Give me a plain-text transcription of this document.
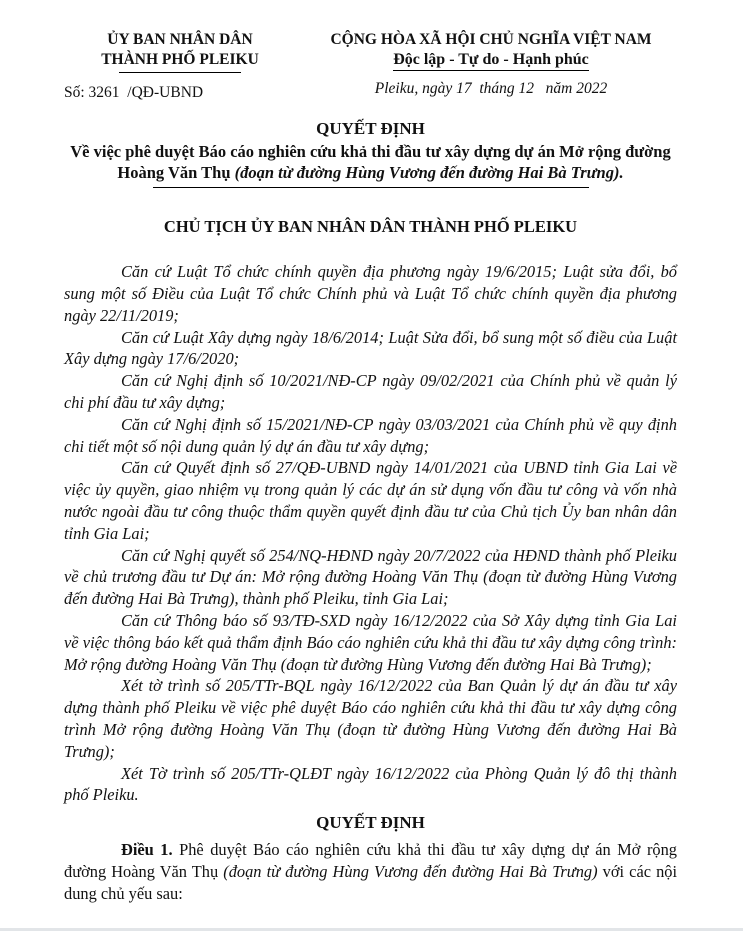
ỦY BAN NHÂN DÂN
THÀNH PHỐ PLEIKU
Số: 3261  /QĐ-UBND
CỘNG HÒA XÃ HỘI CHỦ NGHĨA VIỆT NAM
Độc lập - Tự do - Hạnh phúc
Pleiku, ngày 17  tháng 12   năm 2022
QUYẾT ĐỊNH
Về việc phê duyệt Báo cáo nghiên cứu khả thi đầu tư xây dựng dự án Mở rộng đường Hoàng Văn Thụ (đoạn từ đường Hùng Vương đến đường Hai Bà Trưng).
CHỦ TỊCH ỦY BAN NHÂN DÂN THÀNH PHỐ PLEIKU

Căn cứ Luật Tổ chức chính quyền địa phương ngày 19/6/2015; Luật sửa đổi, bổ sung một số Điều của Luật Tổ chức Chính phủ và Luật Tổ chức chính quyền địa phương ngày 22/11/2019;

Căn cứ Luật Xây dựng ngày 18/6/2014; Luật Sửa đổi, bổ sung một số điều của Luật Xây dựng ngày 17/6/2020;

Căn cứ Nghị định số 10/2021/NĐ-CP ngày 09/02/2021 của Chính phủ về quản lý chi phí đầu tư xây dựng;

Căn cứ Nghị định số 15/2021/NĐ-CP ngày 03/03/2021 của Chính phủ về quy định chi tiết một số nội dung quản lý dự án đầu tư xây dựng;

Căn cứ Quyết định số 27/QĐ-UBND ngày 14/01/2021 của UBND tỉnh Gia Lai về việc ủy quyền, giao nhiệm vụ trong quản lý các dự án sử dụng vốn đầu tư công và vốn nhà nước ngoài đầu tư công thuộc thẩm quyền quyết định đầu tư của Chủ tịch Ủy ban nhân dân tỉnh Gia Lai;

Căn cứ Nghị quyết số 254/NQ-HĐND ngày 20/7/2022 của HĐND thành phố Pleiku về chủ trương đầu tư Dự án: Mở rộng đường Hoàng Văn Thụ (đoạn từ đường Hùng Vương đến đường Hai Bà Trưng), thành phố Pleiku, tỉnh Gia Lai;

Căn cứ Thông báo số 93/TĐ-SXD ngày 16/12/2022 của Sở Xây dựng tỉnh Gia Lai về việc thông báo kết quả thẩm định Báo cáo nghiên cứu khả thi đầu tư xây dựng công trình: Mở rộng đường Hoàng Văn Thụ (đoạn từ đường Hùng Vương đến đường Hai Bà Trưng);

Xét tờ trình số 205/TTr-BQL ngày 16/12/2022 của Ban Quản lý dự án đầu tư xây dựng thành phố Pleiku về việc phê duyệt Báo cáo nghiên cứu khả thi đầu tư xây dựng công trình Mở rộng đường Hoàng Văn Thụ (đoạn từ đường Hùng Vương đến đường Hai Bà Trưng);

Xét Tờ trình số 205/TTr-QLĐT ngày 16/12/2022 của Phòng Quản lý đô thị thành phố Pleiku.

QUYẾT ĐỊNH

Điều 1. Phê duyệt Báo cáo nghiên cứu khả thi đầu tư xây dựng dự án Mở rộng đường Hoàng Văn Thụ (đoạn từ đường Hùng Vương đến đường Hai Bà Trưng) với các nội dung chủ yếu sau:
